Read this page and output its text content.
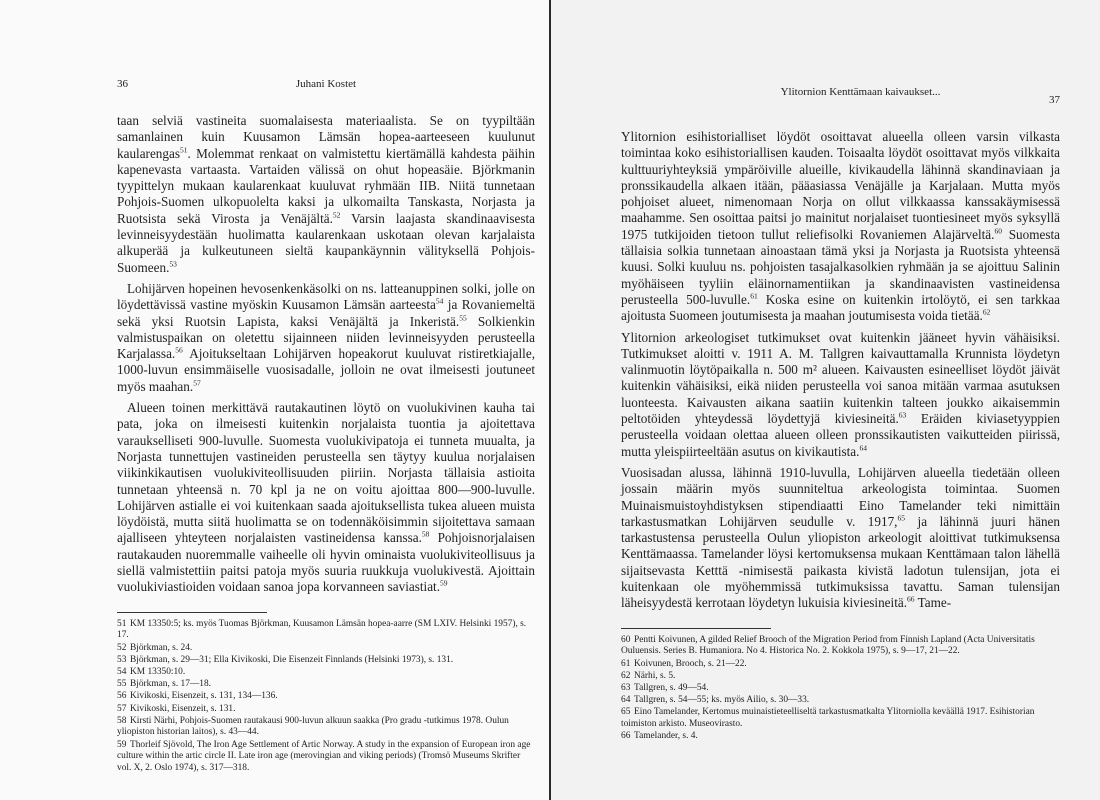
36	Juhani Kostet

taan selviä vastineita suomalaisesta materiaalista. Se on tyypiltään samanlainen kuin Kuusamon Lämsän hopea-aarteeseen kuulunut kaularengas$^{51}$. Molemmat renkaat on valmistettu kiertämällä kahdesta päihin kapenevasta vartaasta. Vartaiden välissä on ohut hopeasäie. Björkmanin tyypittelyn mukaan kaularenkaat kuuluvat ryhmään IIB. Niitä tunnetaan Pohjois-Suomen ulkopuolelta kaksi ja ulkomailta Tanskasta, Norjasta ja Ruotsista sekä Virosta ja Venäjältä.$^{52}$ Varsin laajasta skandinaavisesta levinneisyydestään huolimatta kaularenkaan uskotaan olevan karjalaista alkuperää ja kulkeutuneen sieltä kaupankäynnin välityksellä Pohjois-Suomeen.$^{53}$

Lohijärven hopeinen hevosenkenkäsolki on ns. latteanuppinen solki, jolle on löydettävissä vastine myöskin Kuusamon Lämsän aarteesta$^{54}$ ja Rovaniemeltä sekä yksi Ruotsin Lapista, kaksi Venäjältä ja Inkeristä.$^{55}$ Solkienkin valmistuspaikan on oletettu sijainneen niiden levinneisyyden perusteella Karjalassa.$^{56}$ Ajoitukseltaan Lohijärven hopeakorut kuuluvat ristiretkiajalle, 1000-luvun ensimmäiselle vuosisadalle, jolloin ne ovat ilmeisesti joutuneet myös maahan.$^{57}$

Alueen toinen merkittävä rautakautinen löytö on vuolukivinen kauha tai pata, joka on ilmeisesti kuitenkin norjalaista tuontia ja ajoitettava varaukselliseti 900-luvulle. Suomesta vuolukivipatoja ei tunneta muualta, ja Norjasta tunnettujen vastineiden perusteella sen täytyy kuulua norjalaisen viikinkikautisen vuolukiviteollisuuden piiriin. Norjasta tällaisia astioita tunnetaan yhteensä n. 70 kpl ja ne on voitu ajoittaa 800—900-luvulle. Lohijärven astialle ei voi kuitenkaan saada ajoituksellista tukea alueen muista löydöistä, mutta siitä huolimatta se on todennäköisimmin sijoitettava samaan ajalliseen yhteyteen norjalaisten vastineidensa kanssa.$^{58}$ Pohjoisnorjalaisen rautakauden nuoremmalle vaiheelle oli hyvin ominaista vuolukiviteollisuus ja siellä valmistettiin paitsi patoja myös suuria ruukkuja vuolukivestä. Ajoittain vuolukiviastioiden voidaan sanoa jopa korvanneen saviastiat.$^{59}$

51 KM 13350:5; ks. myös Tuomas Björkman, Kuusamon Lämsän hopea-aarre (SM LXIV. Helsinki 1957), s. 17.
52 Björkman, s. 24.
53 Björkman, s. 29—31; Ella Kivikoski, Die Eisenzeit Finnlands (Helsinki 1973), s. 131.
54 KM 13350:10.
55 Björkman, s. 17—18.
56 Kivikoski, Eisenzeit, s. 131, 134—136.
57 Kivikoski, Eisenzeit, s. 131.
58 Kirsti Närhi, Pohjois-Suomen rautakausi 900-luvun alkuun saakka (Pro gradu -tutkimus 1978. Oulun yliopiston historian laitos), s. 43—44.
59 Thorleif Sjövold, The Iron Age Settlement of Artic Norway. A study in the expansion of European iron age culture within the artic circle II. Late iron age (merovingian and viking periods) (Tromsö Museums Skrifter vol. X, 2. Oslo 1974), s. 317—318.
Ylitornion Kenttämaan kaivaukset...
37

Ylitornion esihistorialliset löydöt osoittavat alueella olleen varsin vilkasta toimintaa koko esihistoriallisen kauden. Toisaalta löydöt osoittavat myös vilkkaita kulttuuriyhteyksiä ympäröiville alueille, kivikaudella lähinnä skandinaviaan ja pronssikaudella alkaen itään, pääasiassa Venäjälle ja Karjalaan. Mutta myös pohjoiset alueet, nimenomaan Norja on ollut vilkkaassa kanssakäymisessä maahamme. Sen osoittaa paitsi jo mainitut norjalaiset tuontiesineet myös syksyllä 1975 tutkijoiden tietoon tullut reliefisolki Rovaniemen Alajärveltä.$^{60}$ Suomesta tällaisia solkia tunnetaan ainoastaan tämä yksi ja Norjasta ja Ruotsista yhteensä kuusi. Solki kuuluu ns. pohjoisten tasajalkasolkien ryhmään ja se ajoittuu Salinin myöhäiseen tyyliin eläinornamentiikan ja skandinaavisten vastineidensa perusteella 500-luvulle.$^{61}$ Koska esine on kuitenkin irtolöytö, ei sen tarkkaa ajoitusta Suomeen joutumisesta ja maahan joutumisesta voida tietää.$^{62}$

Ylitornion arkeologiset tutkimukset ovat kuitenkin jääneet hyvin vähäisiksi. Tutkimukset aloitti v. 1911 A. M. Tallgren kaivauttamalla Krunnista löydetyn valinmuotin löytöpaikalla n. 500 m² alueen. Kaivausten esineelliset löydöt jäivät kuitenkin vähäisiksi, eikä niiden perusteella voi sanoa mitään varmaa asutuksen luonteesta. Kaivausten aikana saatiin kuitenkin talteen joukko aikaisemmin peltotöiden yhteydessä löydettyjä kiviesineitä.$^{63}$ Eräiden kiviasetyyppien perusteella voidaan olettaa alueen olleen pronssikautisten vaikutteiden piirissä, mutta yleispiirteeltään asutus on kivikautista.$^{64}$

Vuosisadan alussa, lähinnä 1910-luvulla, Lohijärven alueella tiedetään olleen jossain määrin myös suunniteltua arkeologista toimintaa. Suomen Muinaismuistoyhdistyksen stipendiaatti Eino Tamelander teki nimittäin tarkastusmatkan Lohijärven seudulle v. 1917,65 ja lähinnä juuri hänen tarkastustensa perusteella Oulun yliopiston arkeologit aloittivat tutkimuksensa Kenttämaassa. Tamelander löysi kertomuksensa mukaan Kenttämaan talon lähellä sijaitsevasta Ketttä -nimisestä paikasta kivistä ladotun tulensijan, jota ei kuitenkaan ole myöhemmissä tutkimuksissa tavattu. Saman tulensijan läheisyydestä kerrotaan löydetyn lukuisia kiviesineitä.$^{66}$ Tame-

60 Pentti Koivunen, A gilded Relief Brooch of the Migration Period from Finnish Lapland (Acta Universitatis Ouluensis. Series B. Humaniora. No 4. Historica No. 2. Kokkola 1975), s. 9—17, 21—22.
61 Koivunen, Brooch, s. 21—22.
62 Närhi, s. 5.
63 Tallgren, s. 49—54.
64 Tallgren, s. 54—55; ks. myös Ailio, s. 30—33.
65 Eino Tamelander, Kertomus muinaistieteelliseltä tarkastusmatkalta Ylitorniolla keväällä 1917. Esihistorian toimiston arkisto. Museovirasto.
66 Tamelander, s. 4.
